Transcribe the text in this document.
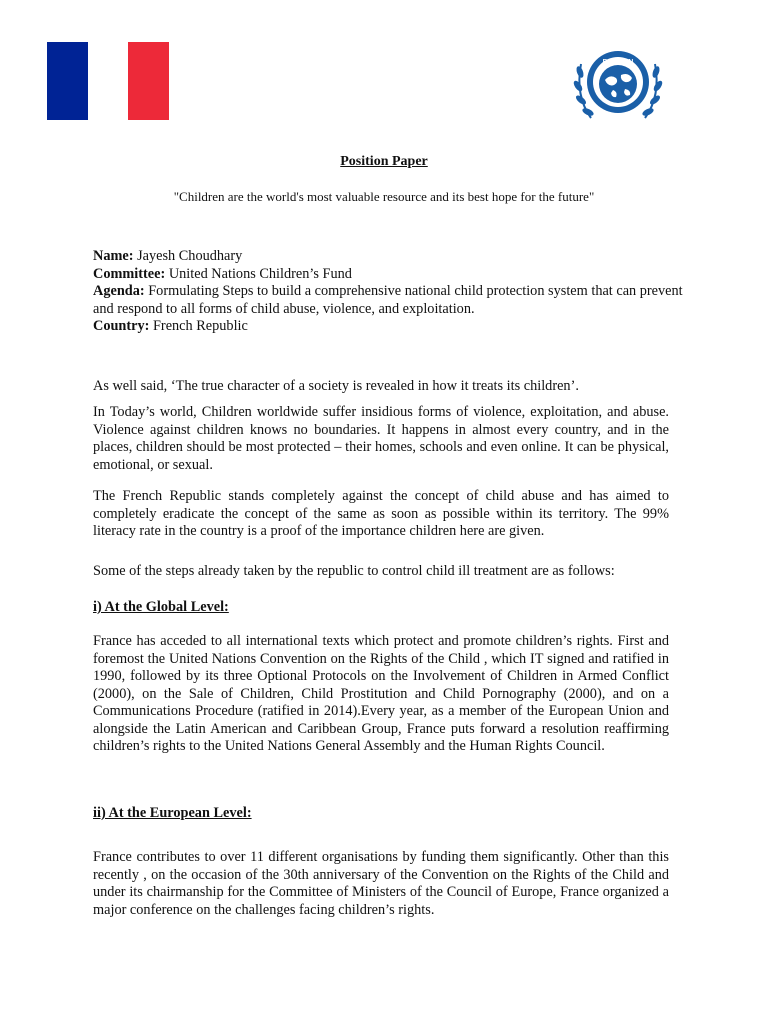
BYCMUN
Position Paper
"Children are the world's most valuable resource and its best hope for the future"

Name: Jayesh Choudhary

Committee: United Nations Children’s Fund

Agenda: Formulating Steps to build a comprehensive national child protection system that can prevent and respond to all forms of child abuse, violence, and exploitation.

Country: French Republic

As well said, ‘The true character of a society is revealed in how it treats its children’.

In Today’s world, Children worldwide suffer insidious forms of violence, exploitation, and abuse. Violence against children knows no boundaries. It happens in almost every country, and in the places, children should be most protected – their homes, schools and even online. It can be physical, emotional, or sexual.

The French Republic stands completely against the concept of child abuse and has aimed to completely eradicate the concept of the same as soon as possible within its territory. The 99% literacy rate in the country is a proof of the importance children here are given.

Some of the steps already taken by the republic to control child ill treatment are as follows:

i) At the Global Level:

France has acceded to all international texts which protect and promote children’s rights. First and foremost the United Nations Convention on the Rights of the Child , which IT signed and ratified in 1990, followed by its three Optional Protocols on the Involvement of Children in Armed Conflict (2000), on the Sale of Children, Child Prostitution and Child Pornography (2000), and on a Communications Procedure (ratified in 2014).Every year, as a member of the European Union and alongside the Latin American and Caribbean Group, France puts forward a resolution reaffirming children’s rights to the United Nations General Assembly and the Human Rights Council.

ii) At the European Level:

France contributes to over 11 different organisations by funding them significantly. Other than this recently , on the occasion of the 30th anniversary of the Convention on the Rights of the Child and under its chairmanship for the Committee of Ministers of the Council of Europe, France organized a major conference on the challenges facing children’s rights.
